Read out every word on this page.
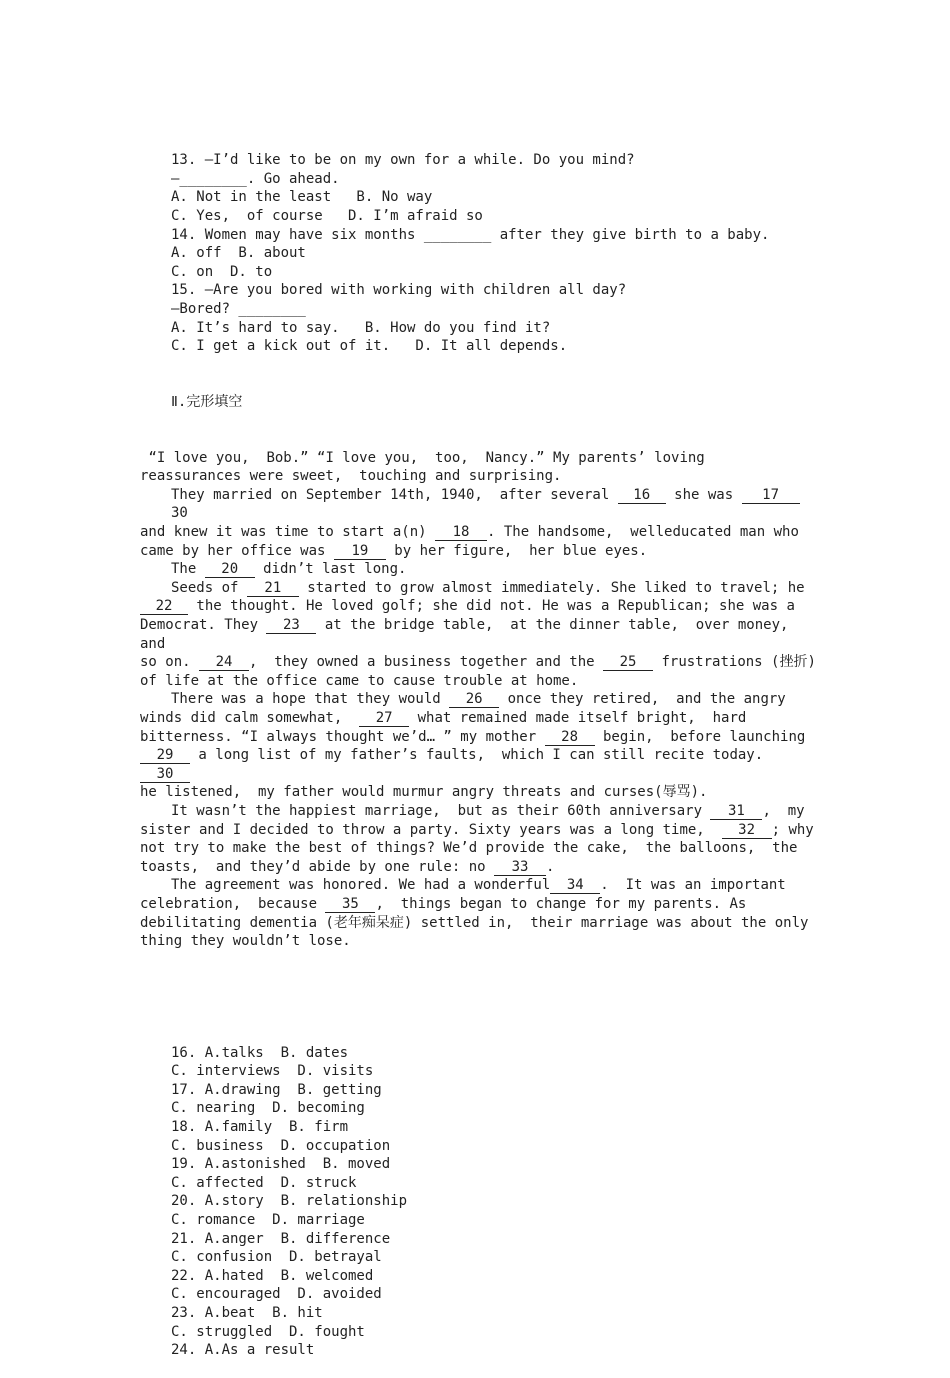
13. —I’d like to be on my own for a while. Do you mind?
—________. Go ahead.
A. Not in the least   B. No way
C. Yes,  of course   D. I’m afraid so
14. Women may have six months ________ after they give birth to a baby.
A. off  B. about
C. on  D. to
15. —Are you bored with working with children all day?
—Bored? ________
A. It’s hard to say.   B. How do you find it?
C. I get a kick out of it.   D. It all depends.

Ⅱ.完形填空

“I love you,  Bob.” “I love you,  too,  Nancy.” My parents’ loving
reassurances were sweet,  touching and surprising.
They married on September 14th, 1940,  after several 16 she was 17 30
and knew it was time to start a(n) 18 . The handsome,  welleducated man who
came by her office was 19 by her figure,  her blue eyes.
The 20 didn’t last long.
Seeds of 21 started to grow almost immediately. She liked to travel; he
22 the thought. He loved golf; she did not. He was a Republican; she was a
Democrat. They 23 at the bridge table,  at the dinner table,  over money,  and
so on. 24 ,  they owned a business together and the 25 frustrations (挫折)
of life at the office came to cause trouble at home.
There was a hope that they would 26 once they retired,  and the angry
winds did calm somewhat,  27 what remained made itself bright,  hard
bitterness. “I always thought we’d… ” my mother 28 begin,  before launching
29 a long list of my father’s faults,  which I can still recite today. 30
he listened,  my father would murmur angry threats and curses(辱骂).
It wasn’t the happiest marriage,  but as their 60th anniversary 31 ,  my
sister and I decided to throw a party. Sixty years was a long time,  32 ; why
not try to make the best of things? We’d provide the cake,  the balloons,  the
toasts,  and they’d abide by one rule: no 33 .
The agreement was honored. We had a wonderful 34 .  It was an important
celebration,  because 35 ,  things began to change for my parents. As
debilitating dementia (老年痴呆症) settled in,  their marriage was about the only
thing they wouldn’t lose.

16. A.talks  B. dates
C. interviews  D. visits
17. A.drawing  B. getting
C. nearing  D. becoming
18. A.family  B. firm
C. business  D. occupation
19. A.astonished  B. moved
C. affected  D. struck
20. A.story  B. relationship
C. romance  D. marriage
21. A.anger  B. difference
C. confusion  D. betrayal
22. A.hated  B. welcomed
C. encouraged  D. avoided
23. A.beat  B. hit
C. struggled  D. fought
24. A.As a result
